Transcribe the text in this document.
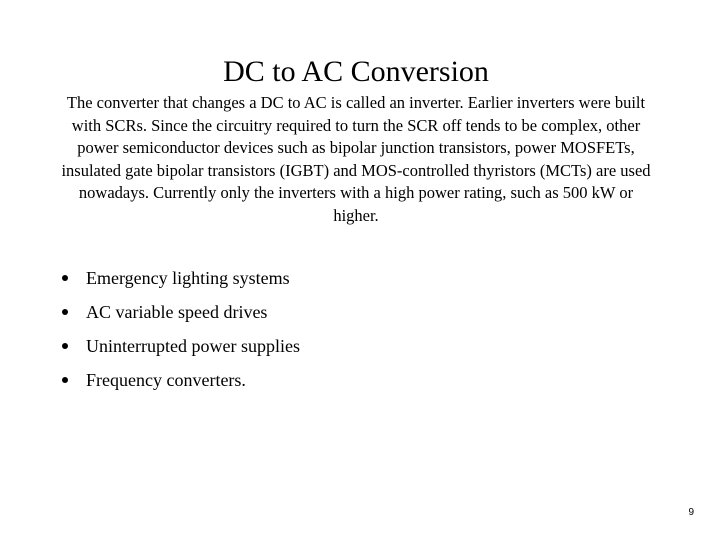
DC to AC Conversion
The converter that changes a DC to AC is called an inverter. Earlier inverters were built with SCRs. Since the circuitry required to turn the SCR off tends to be complex, other power semiconductor devices such as bipolar junction transistors, power MOSFETs, insulated gate bipolar transistors (IGBT) and MOS-controlled thyristors (MCTs) are used nowadays. Currently only the inverters with a high power rating, such as 500 kW or higher.
Emergency lighting systems
AC variable speed drives
Uninterrupted power supplies
Frequency converters.
9
